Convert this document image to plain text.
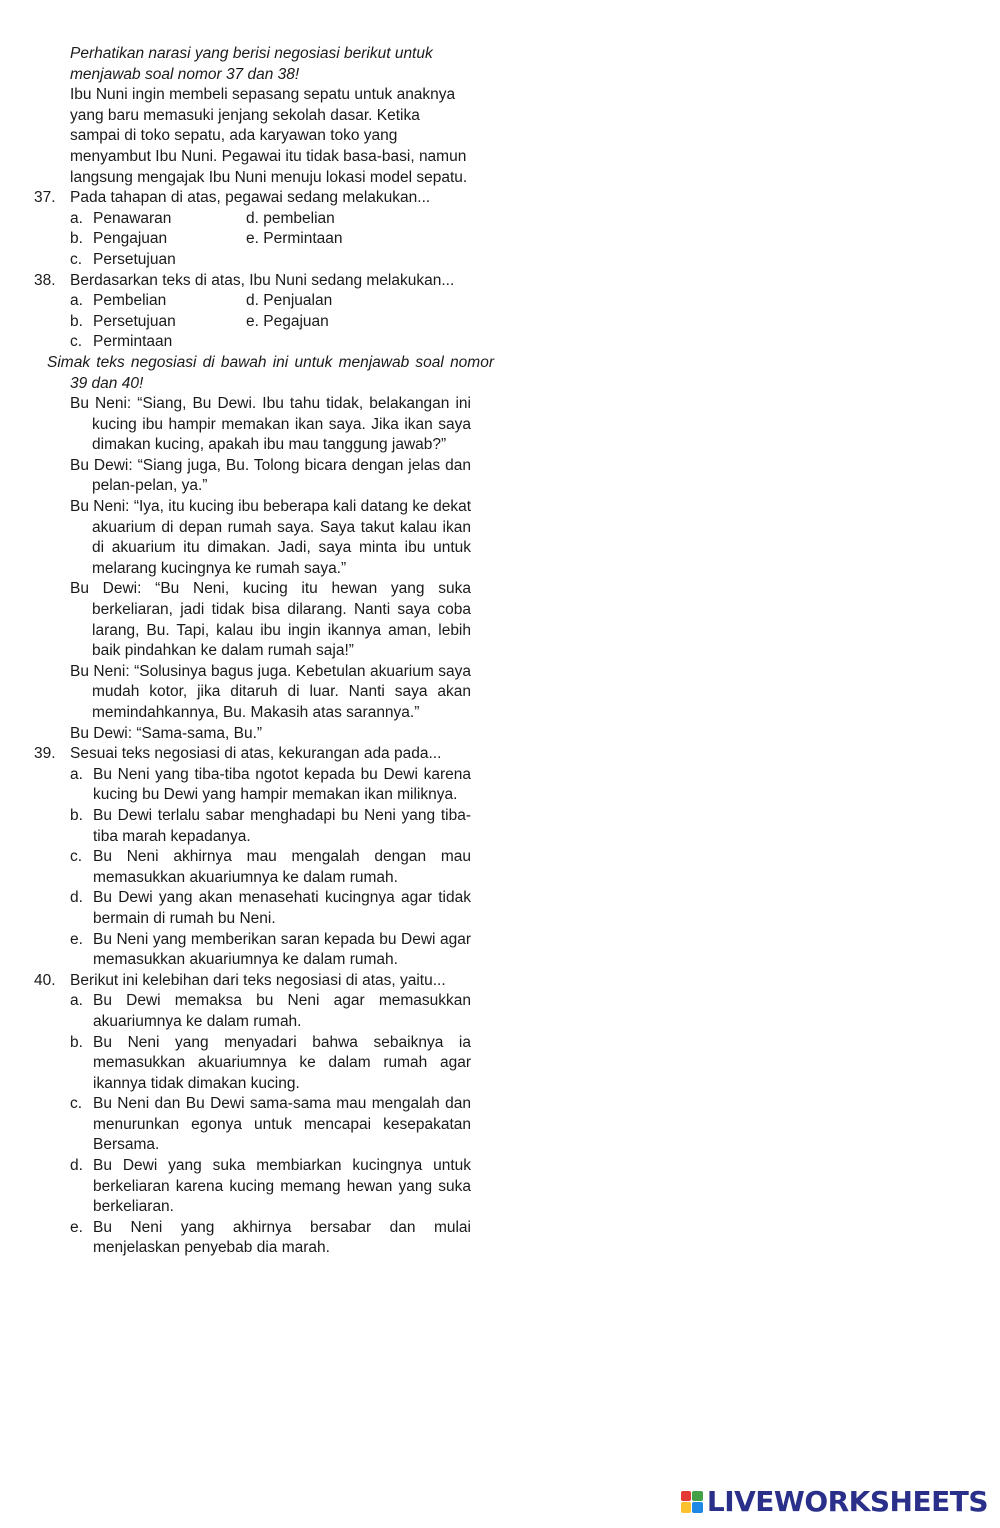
Perhatikan narasi yang berisi negosiasi berikut untuk menjawab soal nomor 37 dan 38!
Ibu Nuni ingin membeli sepasang sepatu untuk anaknya yang baru memasuki jenjang sekolah dasar. Ketika sampai di toko sepatu, ada karyawan toko yang menyambut Ibu Nuni. Pegawai itu tidak basa-basi, namun langsung mengajak Ibu Nuni menuju lokasi model sepatu.
37. Pada tahapan di atas, pegawai sedang melakukan...
a. Penawaran	d. pembelian
b. Pengajuan	e. Permintaan
c. Persetujuan
38. Berdasarkan teks di atas, Ibu Nuni sedang melakukan...
a. Pembelian	d. Penjualan
b. Persetujuan	e. Pegajuan
c. Permintaan
Simak teks negosiasi di bawah ini untuk menjawab soal nomor 39 dan 40!
Bu Neni: “Siang, Bu Dewi. Ibu tahu tidak, belakangan ini kucing ibu hampir memakan ikan saya. Jika ikan saya dimakan kucing, apakah ibu mau tanggung jawab?”
Bu Dewi: “Siang juga, Bu. Tolong bicara dengan jelas dan pelan-pelan, ya.”
Bu Neni: “Iya, itu kucing ibu beberapa kali datang ke dekat akuarium di depan rumah saya. Saya takut kalau ikan di akuarium itu dimakan. Jadi, saya minta ibu untuk melarang kucingnya ke rumah saya.”
Bu Dewi: “Bu Neni, kucing itu hewan yang suka berkeliaran, jadi tidak bisa dilarang. Nanti saya coba larang, Bu. Tapi, kalau ibu ingin ikannya aman, lebih baik pindahkan ke dalam rumah saja!”
Bu Neni: “Solusinya bagus juga. Kebetulan akuarium saya mudah kotor, jika ditaruh di luar. Nanti saya akan memindahkannya, Bu. Makasih atas sarannya.”
Bu Dewi: “Sama-sama, Bu.”
39. Sesuai teks negosiasi di atas, kekurangan ada pada...
a. Bu Neni yang tiba-tiba ngotot kepada bu Dewi karena kucing bu Dewi yang hampir memakan ikan miliknya.
b. Bu Dewi terlalu sabar menghadapi bu Neni yang tiba-tiba marah kepadanya.
c. Bu Neni akhirnya mau mengalah dengan mau memasukkan akuariumnya ke dalam rumah.
d. Bu Dewi yang akan menasehati kucingnya agar tidak bermain di rumah bu Neni.
e. Bu Neni yang memberikan saran kepada bu Dewi agar memasukkan akuariumnya ke dalam rumah.
40. Berikut ini kelebihan dari teks negosiasi di atas, yaitu...
a. Bu Dewi memaksa bu Neni agar memasukkan akuariumnya ke dalam rumah.
b. Bu Neni yang menyadari bahwa sebaiknya ia memasukkan akuariumnya ke dalam rumah agar ikannya tidak dimakan kucing.
c. Bu Neni dan Bu Dewi sama-sama mau mengalah dan menurunkan egonya untuk mencapai kesepakatan Bersama.
d. Bu Dewi yang suka membiarkan kucingnya untuk berkeliaran karena kucing memang hewan yang suka berkeliaran.
e. Bu Neni yang akhirnya bersabar dan mulai menjelaskan penyebab dia marah.
LIVEWORKSHEETS
